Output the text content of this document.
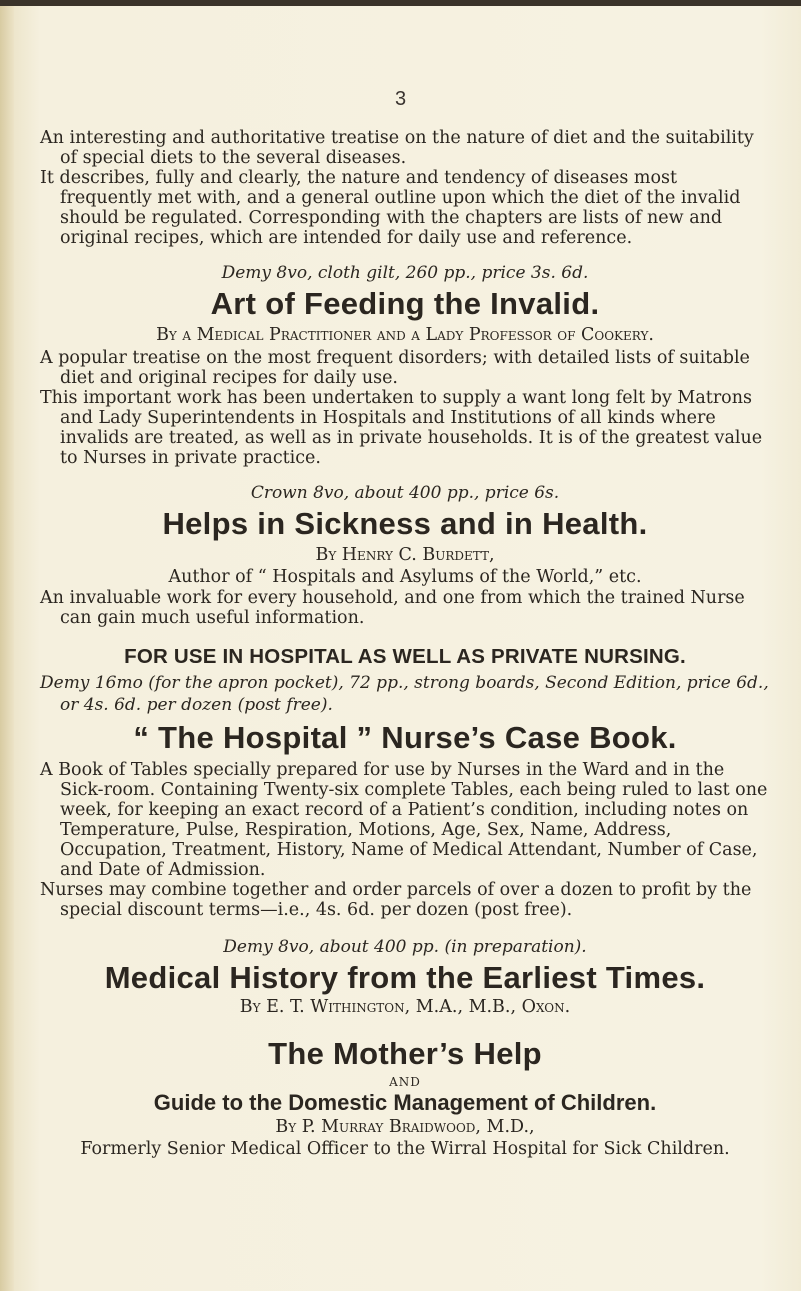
3

An interesting and authoritative treatise on the nature of diet and the suitability of special diets to the several diseases.

It describes, fully and clearly, the nature and tendency of diseases most frequently met with, and a general outline upon which the diet of the invalid should be regulated. Corresponding with the chapters are lists of new and original recipes, which are intended for daily use and reference.

Demy 8vo, cloth gilt, 260 pp., price 3s. 6d.

Art of Feeding the Invalid.

By a Medical Practitioner and a Lady Professor of Cookery.

A popular treatise on the most frequent disorders; with detailed lists of suitable diet and original recipes for daily use.

This important work has been undertaken to supply a want long felt by Matrons and Lady Superintendents in Hospitals and Institutions of all kinds where invalids are treated, as well as in private households. It is of the greatest value to Nurses in private practice.

Crown 8vo, about 400 pp., price 6s.

Helps in Sickness and in Health.

By Henry C. Burdett,

Author of “ Hospitals and Asylums of the World,” etc.

An invaluable work for every household, and one from which the trained Nurse can gain much useful information.

FOR USE IN HOSPITAL AS WELL AS PRIVATE NURSING.

Demy 16mo (for the apron pocket), 72 pp., strong boards, Second Edition, price 6d., or 4s. 6d. per dozen (post free).

“ The Hospital ” Nurse’s Case Book.

A Book of Tables specially prepared for use by Nurses in the Ward and in the Sick-room. Containing Twenty-six complete Tables, each being ruled to last one week, for keeping an exact record of a Patient’s condition, including notes on Temperature, Pulse, Respiration, Motions, Age, Sex, Name, Address, Occupation, Treatment, History, Name of Medical Attendant, Number of Case, and Date of Admission.

Nurses may combine together and order parcels of over a dozen to profit by the special discount terms—i.e., 4s. 6d. per dozen (post free).

Demy 8vo, about 400 pp. (in preparation).

Medical History from the Earliest Times.

By E. T. Withington, M.A., M.B., Oxon.

The Mother’s Help

AND

Guide to the Domestic Management of Children.

By P. Murray Braidwood, M.D.,

Formerly Senior Medical Officer to the Wirral Hospital for Sick Children.
